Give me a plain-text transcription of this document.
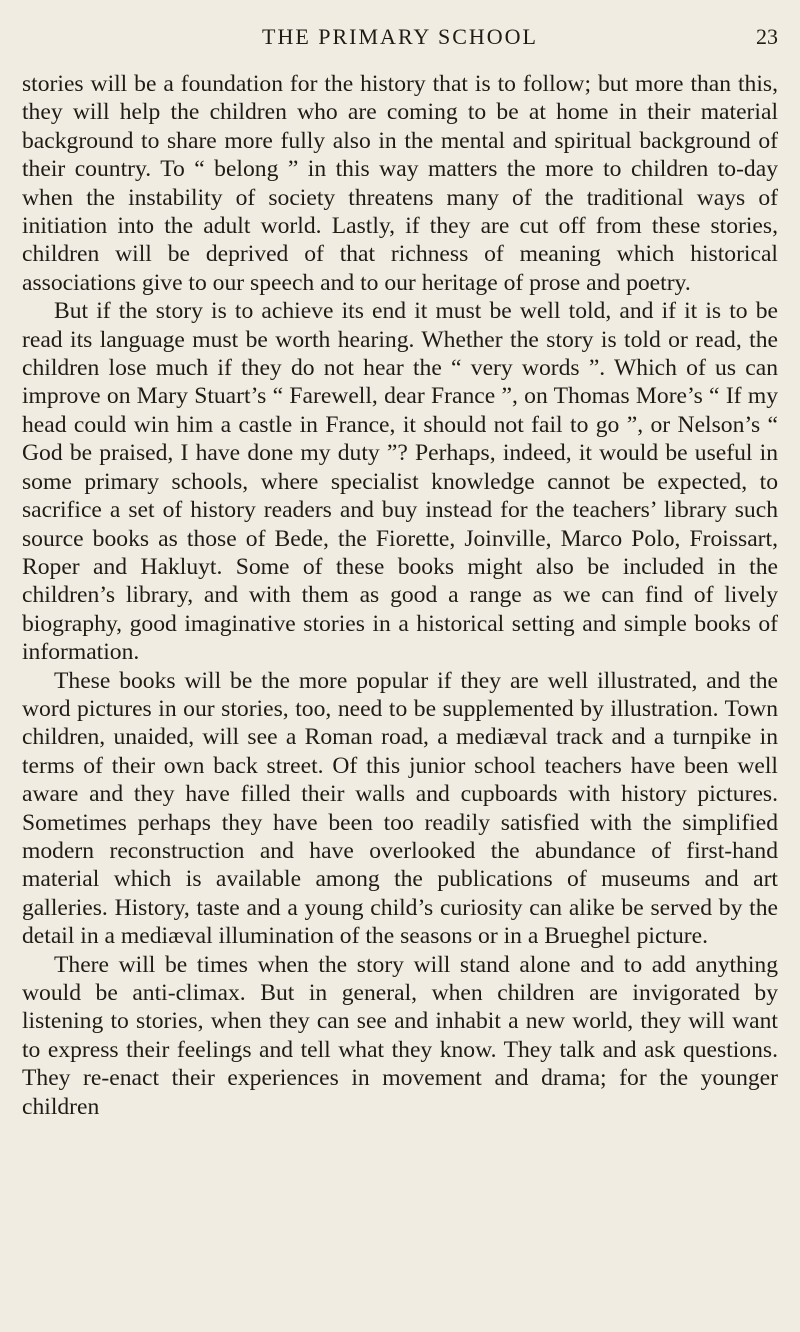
THE PRIMARY SCHOOL	23

stories will be a foundation for the history that is to follow; but more than this, they will help the children who are coming to be at home in their material background to share more fully also in the mental and spiritual background of their country. To “ belong ” in this way matters the more to children to-day when the instability of society threatens many of the traditional ways of initiation into the adult world. Lastly, if they are cut off from these stories, children will be deprived of that richness of meaning which historical associations give to our speech and to our heritage of prose and poetry.

But if the story is to achieve its end it must be well told, and if it is to be read its language must be worth hearing. Whether the story is told or read, the children lose much if they do not hear the “ very words ”. Which of us can improve on Mary Stuart’s “ Farewell, dear France ”, on Thomas More’s “ If my head could win him a castle in France, it should not fail to go ”, or Nelson’s “ God be praised, I have done my duty ”? Perhaps, indeed, it would be useful in some primary schools, where specialist knowledge cannot be expected, to sacrifice a set of history readers and buy instead for the teachers’ library such source books as those of Bede, the Fiorette, Joinville, Marco Polo, Froissart, Roper and Hakluyt. Some of these books might also be included in the children’s library, and with them as good a range as we can find of lively biography, good imaginative stories in a historical setting and simple books of information.

These books will be the more popular if they are well illustrated, and the word pictures in our stories, too, need to be supplemented by illustration. Town children, unaided, will see a Roman road, a mediæval track and a turnpike in terms of their own back street. Of this junior school teachers have been well aware and they have filled their walls and cupboards with history pictures. Sometimes perhaps they have been too readily satisfied with the simplified modern reconstruction and have overlooked the abundance of first-hand material which is available among the publications of museums and art galleries. History, taste and a young child’s curiosity can alike be served by the detail in a mediæval illumination of the seasons or in a Brueghel picture.

There will be times when the story will stand alone and to add anything would be anti-climax. But in general, when children are invigorated by listening to stories, when they can see and inhabit a new world, they will want to express their feelings and tell what they know. They talk and ask questions. They re-enact their experiences in movement and drama; for the younger children
